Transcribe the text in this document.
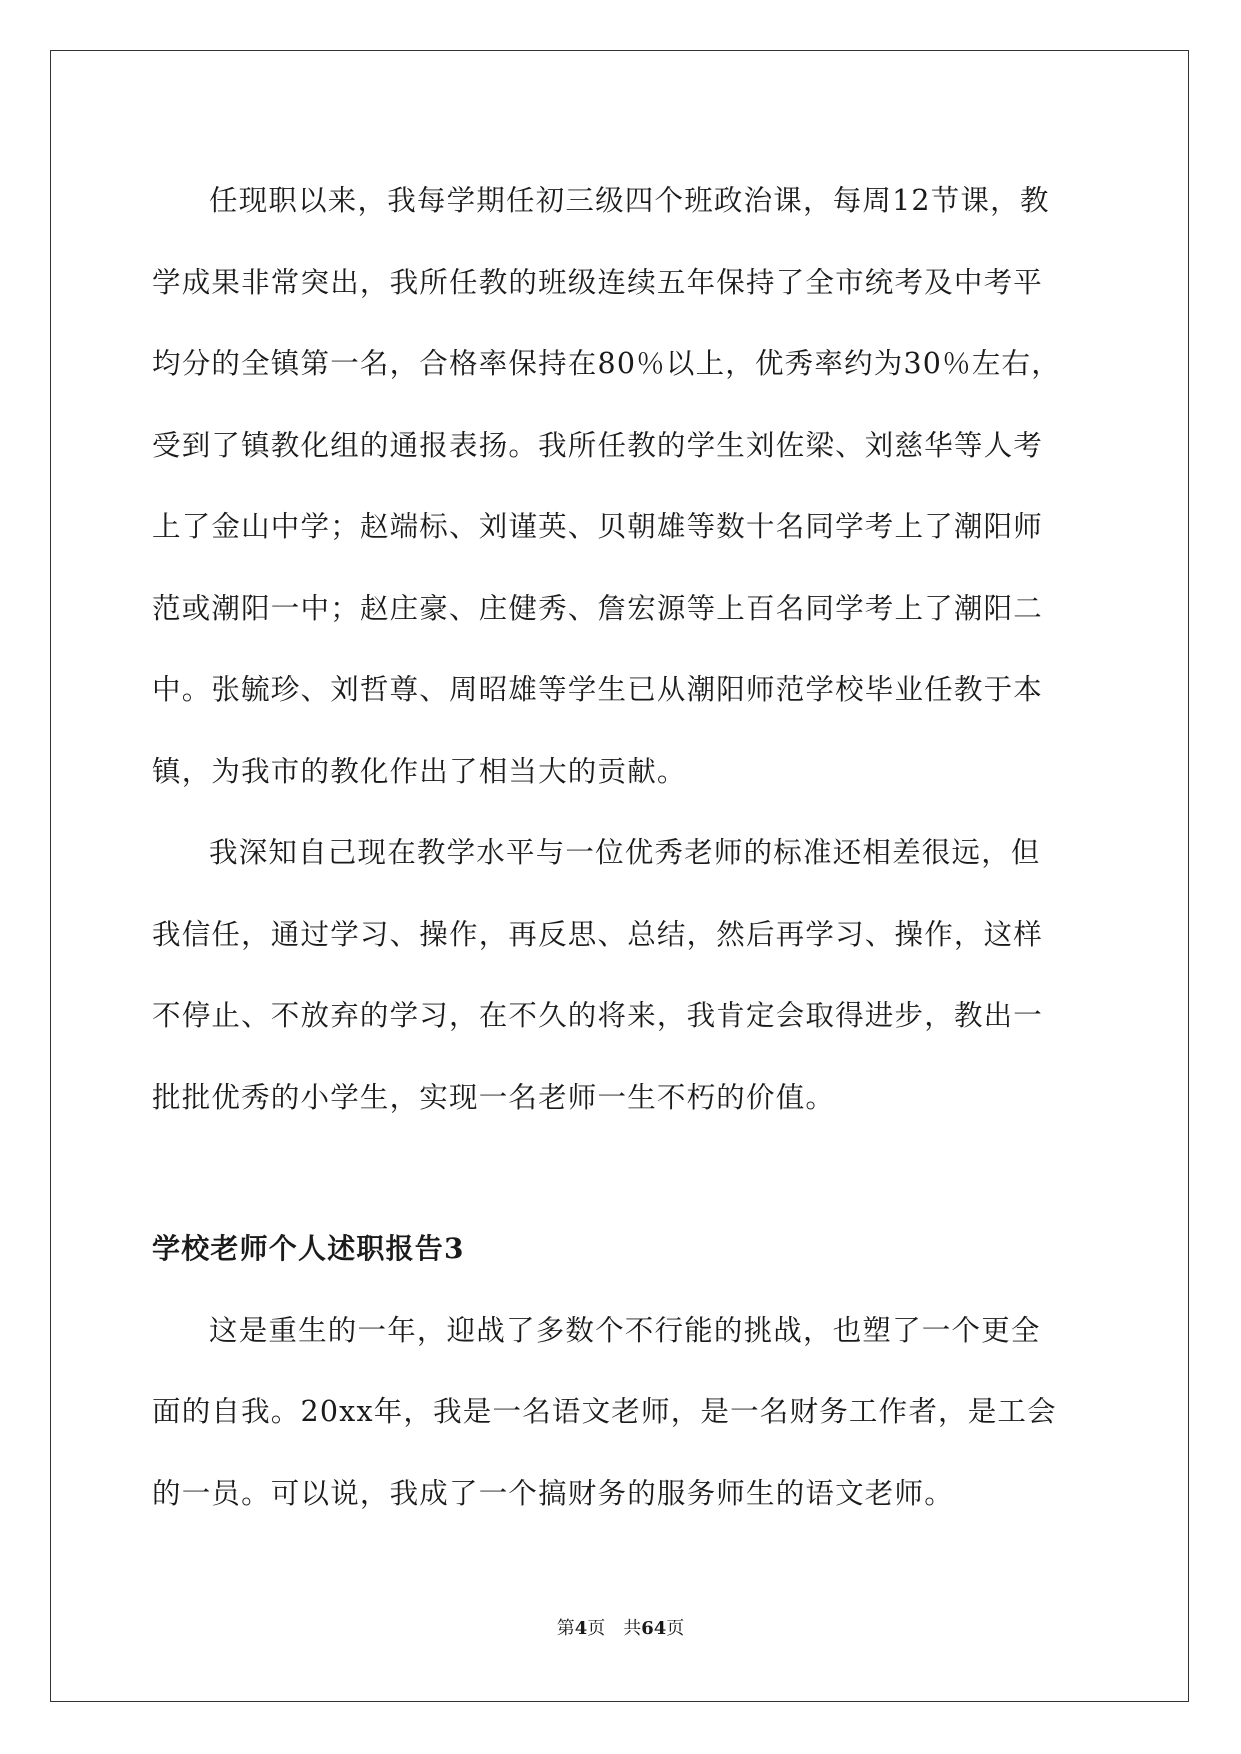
任现职以来，我每学期任初三级四个班政治课，每周12节课，教
学成果非常突出，我所任教的班级连续五年保持了全市统考及中考平
均分的全镇第一名，合格率保持在80％以上，优秀率约为30％左右，
受到了镇教化组的通报表扬。我所任教的学生刘佐梁、刘慈华等人考
上了金山中学；赵端标、刘谨英、贝朝雄等数十名同学考上了潮阳师
范或潮阳一中；赵庄豪、庄健秀、詹宏源等上百名同学考上了潮阳二
中。张毓珍、刘哲尊、周昭雄等学生已从潮阳师范学校毕业任教于本
镇，为我市的教化作出了相当大的贡献。
我深知自己现在教学水平与一位优秀老师的标准还相差很远，但
我信任，通过学习、操作，再反思、总结，然后再学习、操作，这样
不停止、不放弃的学习，在不久的将来，我肯定会取得进步，教出一
批批优秀的小学生，实现一名老师一生不朽的价值。
学校老师个人述职报告3
这是重生的一年，迎战了多数个不行能的挑战，也塑了一个更全
面的自我。20xx年，我是一名语文老师，是一名财务工作者，是工会
的一员。可以说，我成了一个搞财务的服务师生的语文老师。
第4页　共64页
